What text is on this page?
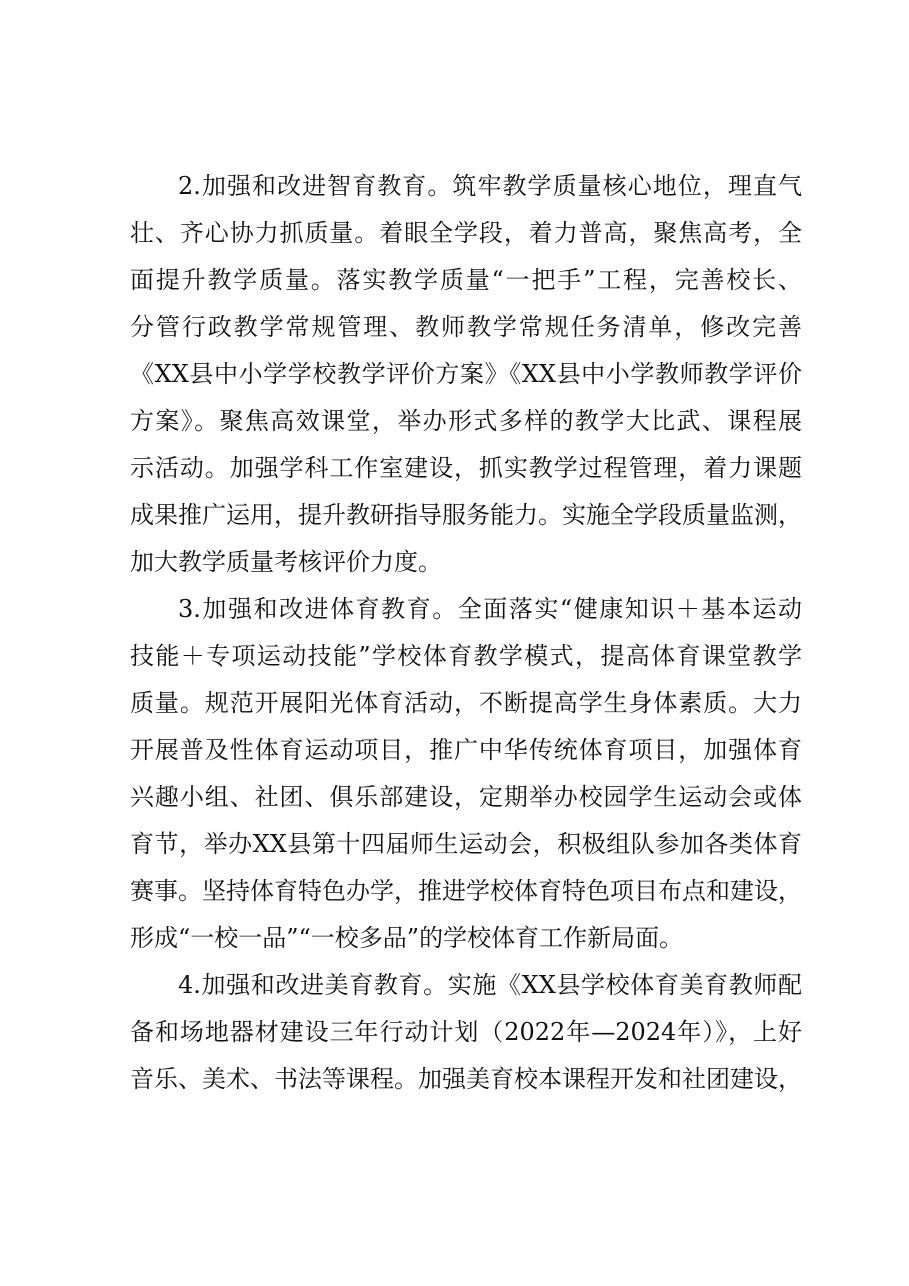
2.加强和改进智育教育。筑牢教学质量核心地位，理直气
壮、齐心协力抓质量。着眼全学段，着力普高，聚焦高考，全
面提升教学质量。落实教学质量“一把手”工程，完善校长、
分管行政教学常规管理、教师教学常规任务清单，修改完善
《XX县中小学学校教学评价方案》《XX县中小学教师教学评价
方案》。聚焦高效课堂，举办形式多样的教学大比武、课程展
示活动。加强学科工作室建设，抓实教学过程管理，着力课题
成果推广运用，提升教研指导服务能力。实施全学段质量监测，
加大教学质量考核评价力度。
3.加强和改进体育教育。全面落实“健康知识＋基本运动
技能＋专项运动技能”学校体育教学模式，提高体育课堂教学
质量。规范开展阳光体育活动，不断提高学生身体素质。大力
开展普及性体育运动项目，推广中华传统体育项目，加强体育
兴趣小组、社团、俱乐部建设，定期举办校园学生运动会或体
育节，举办XX县第十四届师生运动会，积极组队参加各类体育
赛事。坚持体育特色办学，推进学校体育特色项目布点和建设，
形成“一校一品”“一校多品”的学校体育工作新局面。
4.加强和改进美育教育。实施《XX县学校体育美育教师配
备和场地器材建设三年行动计划（2022年—2024年）》，上好
音乐、美术、书法等课程。加强美育校本课程开发和社团建设，
